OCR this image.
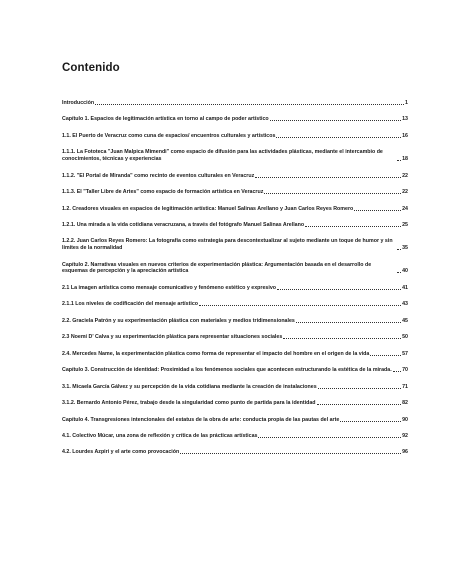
Contenido
Introducción	1
Capítulo 1. Espacios de legitimación artística en torno al campo de poder artístico	13
1.1. El Puerto de Veracruz como cuna de espacios/ encuentros culturales y artísticos	16
1.1.1. La Fototeca "Juan Malpica Mimendi" como espacio de difusión para las actividades plásticas, mediante el intercambio de conocimientos, técnicas y experiencias	18
1.1.2. "El Portal de Miranda" como recinto de eventos culturales en Veracruz	22
1.1.3. El "Taller Libre de Artes" como espacio de formación artística en Veracruz	22
1.2. Creadores visuales en espacios de legitimación artística: Manuel Salinas Arellano y Juan Carlos Reyes Romero	24
1.2.1. Una mirada a la vida cotidiana veracruzana, a través del fotógrafo Manuel Salinas Arellano	25
1.2.2. Juan Carlos Reyes Romero: La fotografía como estrategia para descontextualizar al sujeto mediante un toque de humor y sin límites de la normalidad	35
Capítulo 2. Narrativas visuales en nuevos criterios de experimentación plástica: Argumentación basada en el desarrollo de esquemas de percepción y la apreciación artística	40
2.1 La imagen artística como mensaje comunicativo y fenómeno estético y expresivo	41
2.1.1 Los niveles de codificación del mensaje artístico	43
2.2. Graciela Patrón y su experimentación plástica con materiales y medios tridimensionales	45
2.3 Noemí D' Calva y su experimentación plástica para representar situaciones sociales	50
2.4. Mercedes Name, la experimentación plástica como forma de representar el impacto del hombre en el origen de la vida	57
Capítulo 3. Construcción de identidad: Proximidad a los fenómenos sociales que acontecen estructurando la estética de la mirada. 70
3.1. Micaela García Gálvez y su percepción de la vida cotidiana mediante la creación de instalaciones	71
3.1.2. Bernardo Antonio Pérez, trabajo desde la singularidad como punto de partida para la identidad	82
Capítulo 4. Transgresiones intencionales del estatus de la obra de arte: conducta propia de las pautas del arte	90
4.1. Colectivo Múcar, una zona de reflexión y crítica de las prácticas artísticas	92
4.2. Lourdes Azpiri y el arte como provocación	96
